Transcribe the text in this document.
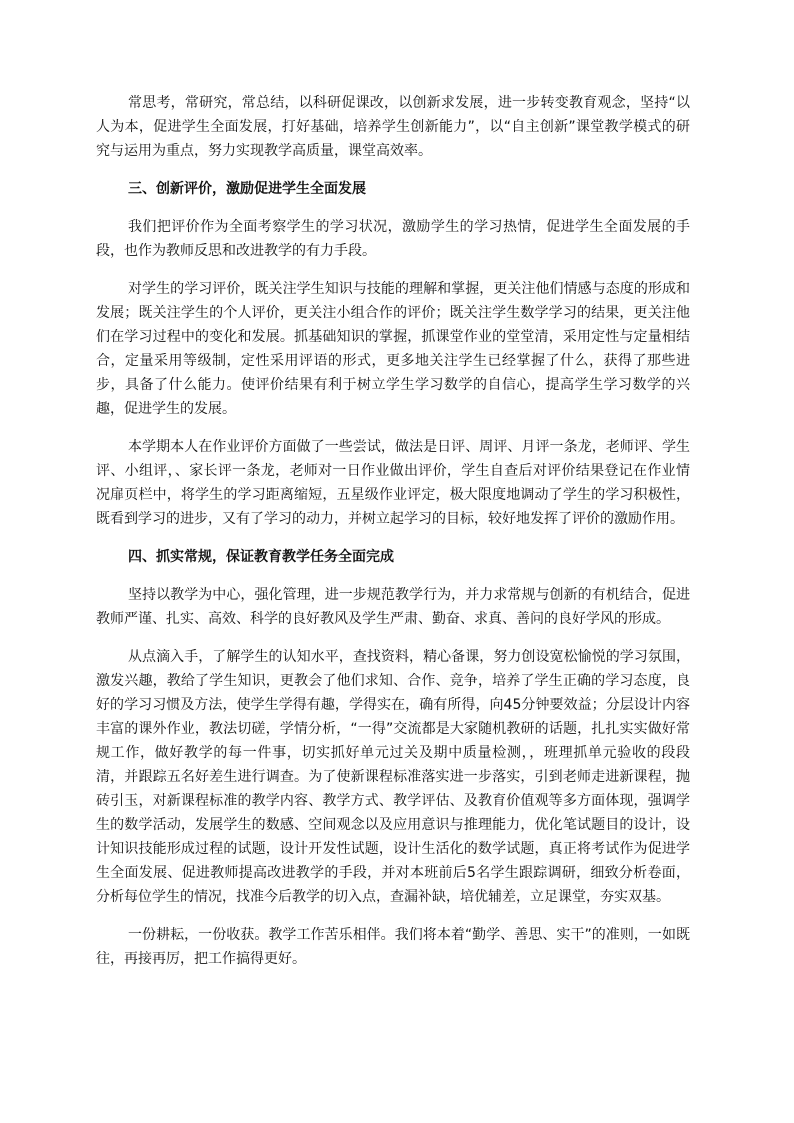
常思考，常研究，常总结，以科研促课改，以创新求发展，进一步转变教育观念，坚持“以人为本，促进学生全面发展，打好基础，培养学生创新能力”，以“自主创新”课堂教学模式的研究与运用为重点，努力实现教学高质量，课堂高效率。

三、创新评价，激励促进学生全面发展

我们把评价作为全面考察学生的学习状况，激励学生的学习热情，促进学生全面发展的手段，也作为教师反思和改进教学的有力手段。

对学生的学习评价，既关注学生知识与技能的理解和掌握，更关注他们情感与态度的形成和发展；既关注学生的个人评价，更关注小组合作的评价；既关注学生数学学习的结果，更关注他们在学习过程中的变化和发展。抓基础知识的掌握，抓课堂作业的堂堂清，采用定性与定量相结合，定量采用等级制，定性采用评语的形式，更多地关注学生已经掌握了什么，获得了那些进步，具备了什么能力。使评价结果有利于树立学生学习数学的自信心，提高学生学习数学的兴趣，促进学生的发展。

本学期本人在作业评价方面做了一些尝试，做法是日评、周评、月评一条龙，老师评、学生评、小组评，、家长评一条龙，老师对一日作业做出评价，学生自查后对评价结果登记在作业情况扉页栏中，将学生的学习距离缩短，五星级作业评定，极大限度地调动了学生的学习积极性，既看到学习的进步，又有了学习的动力，并树立起学习的目标，较好地发挥了评价的激励作用。

四、抓实常规，保证教育教学任务全面完成

坚持以教学为中心，强化管理，进一步规范教学行为，并力求常规与创新的有机结合，促进教师严谨、扎实、高效、科学的良好教风及学生严肃、勤奋、求真、善问的良好学风的形成。

从点滴入手，了解学生的认知水平，查找资料，精心备课，努力创设宽松愉悦的学习氛围，激发兴趣，教给了学生知识，更教会了他们求知、合作、竞争，培养了学生正确的学习态度，良好的学习习惯及方法，使学生学得有趣，学得实在，确有所得，向45分钟要效益；分层设计内容丰富的课外作业，教法切磋，学情分析，“一得”交流都是大家随机教研的话题，扎扎实实做好常规工作，做好教学的每一件事，切实抓好单元过关及期中质量检测，，班理抓单元验收的段段清，并跟踪五名好差生进行调查。为了使新课程标准落实进一步落实，引到老师走进新课程，抛砖引玉，对新课程标准的教学内容、教学方式、教学评估、及教育价值观等多方面体现，强调学生的数学活动，发展学生的数感、空间观念以及应用意识与推理能力，优化笔试题目的设计，设计知识技能形成过程的试题，设计开发性试题，设计生活化的数学试题，真正将考试作为促进学生全面发展、促进教师提高改进教学的手段，并对本班前后5名学生跟踪调研，细致分析卷面，分析每位学生的情况，找准今后教学的切入点，查漏补缺，培优辅差，立足课堂，夯实双基。

一份耕耘，一份收获。教学工作苦乐相伴。我们将本着“勤学、善思、实干”的准则，一如既往，再接再厉，把工作搞得更好。
